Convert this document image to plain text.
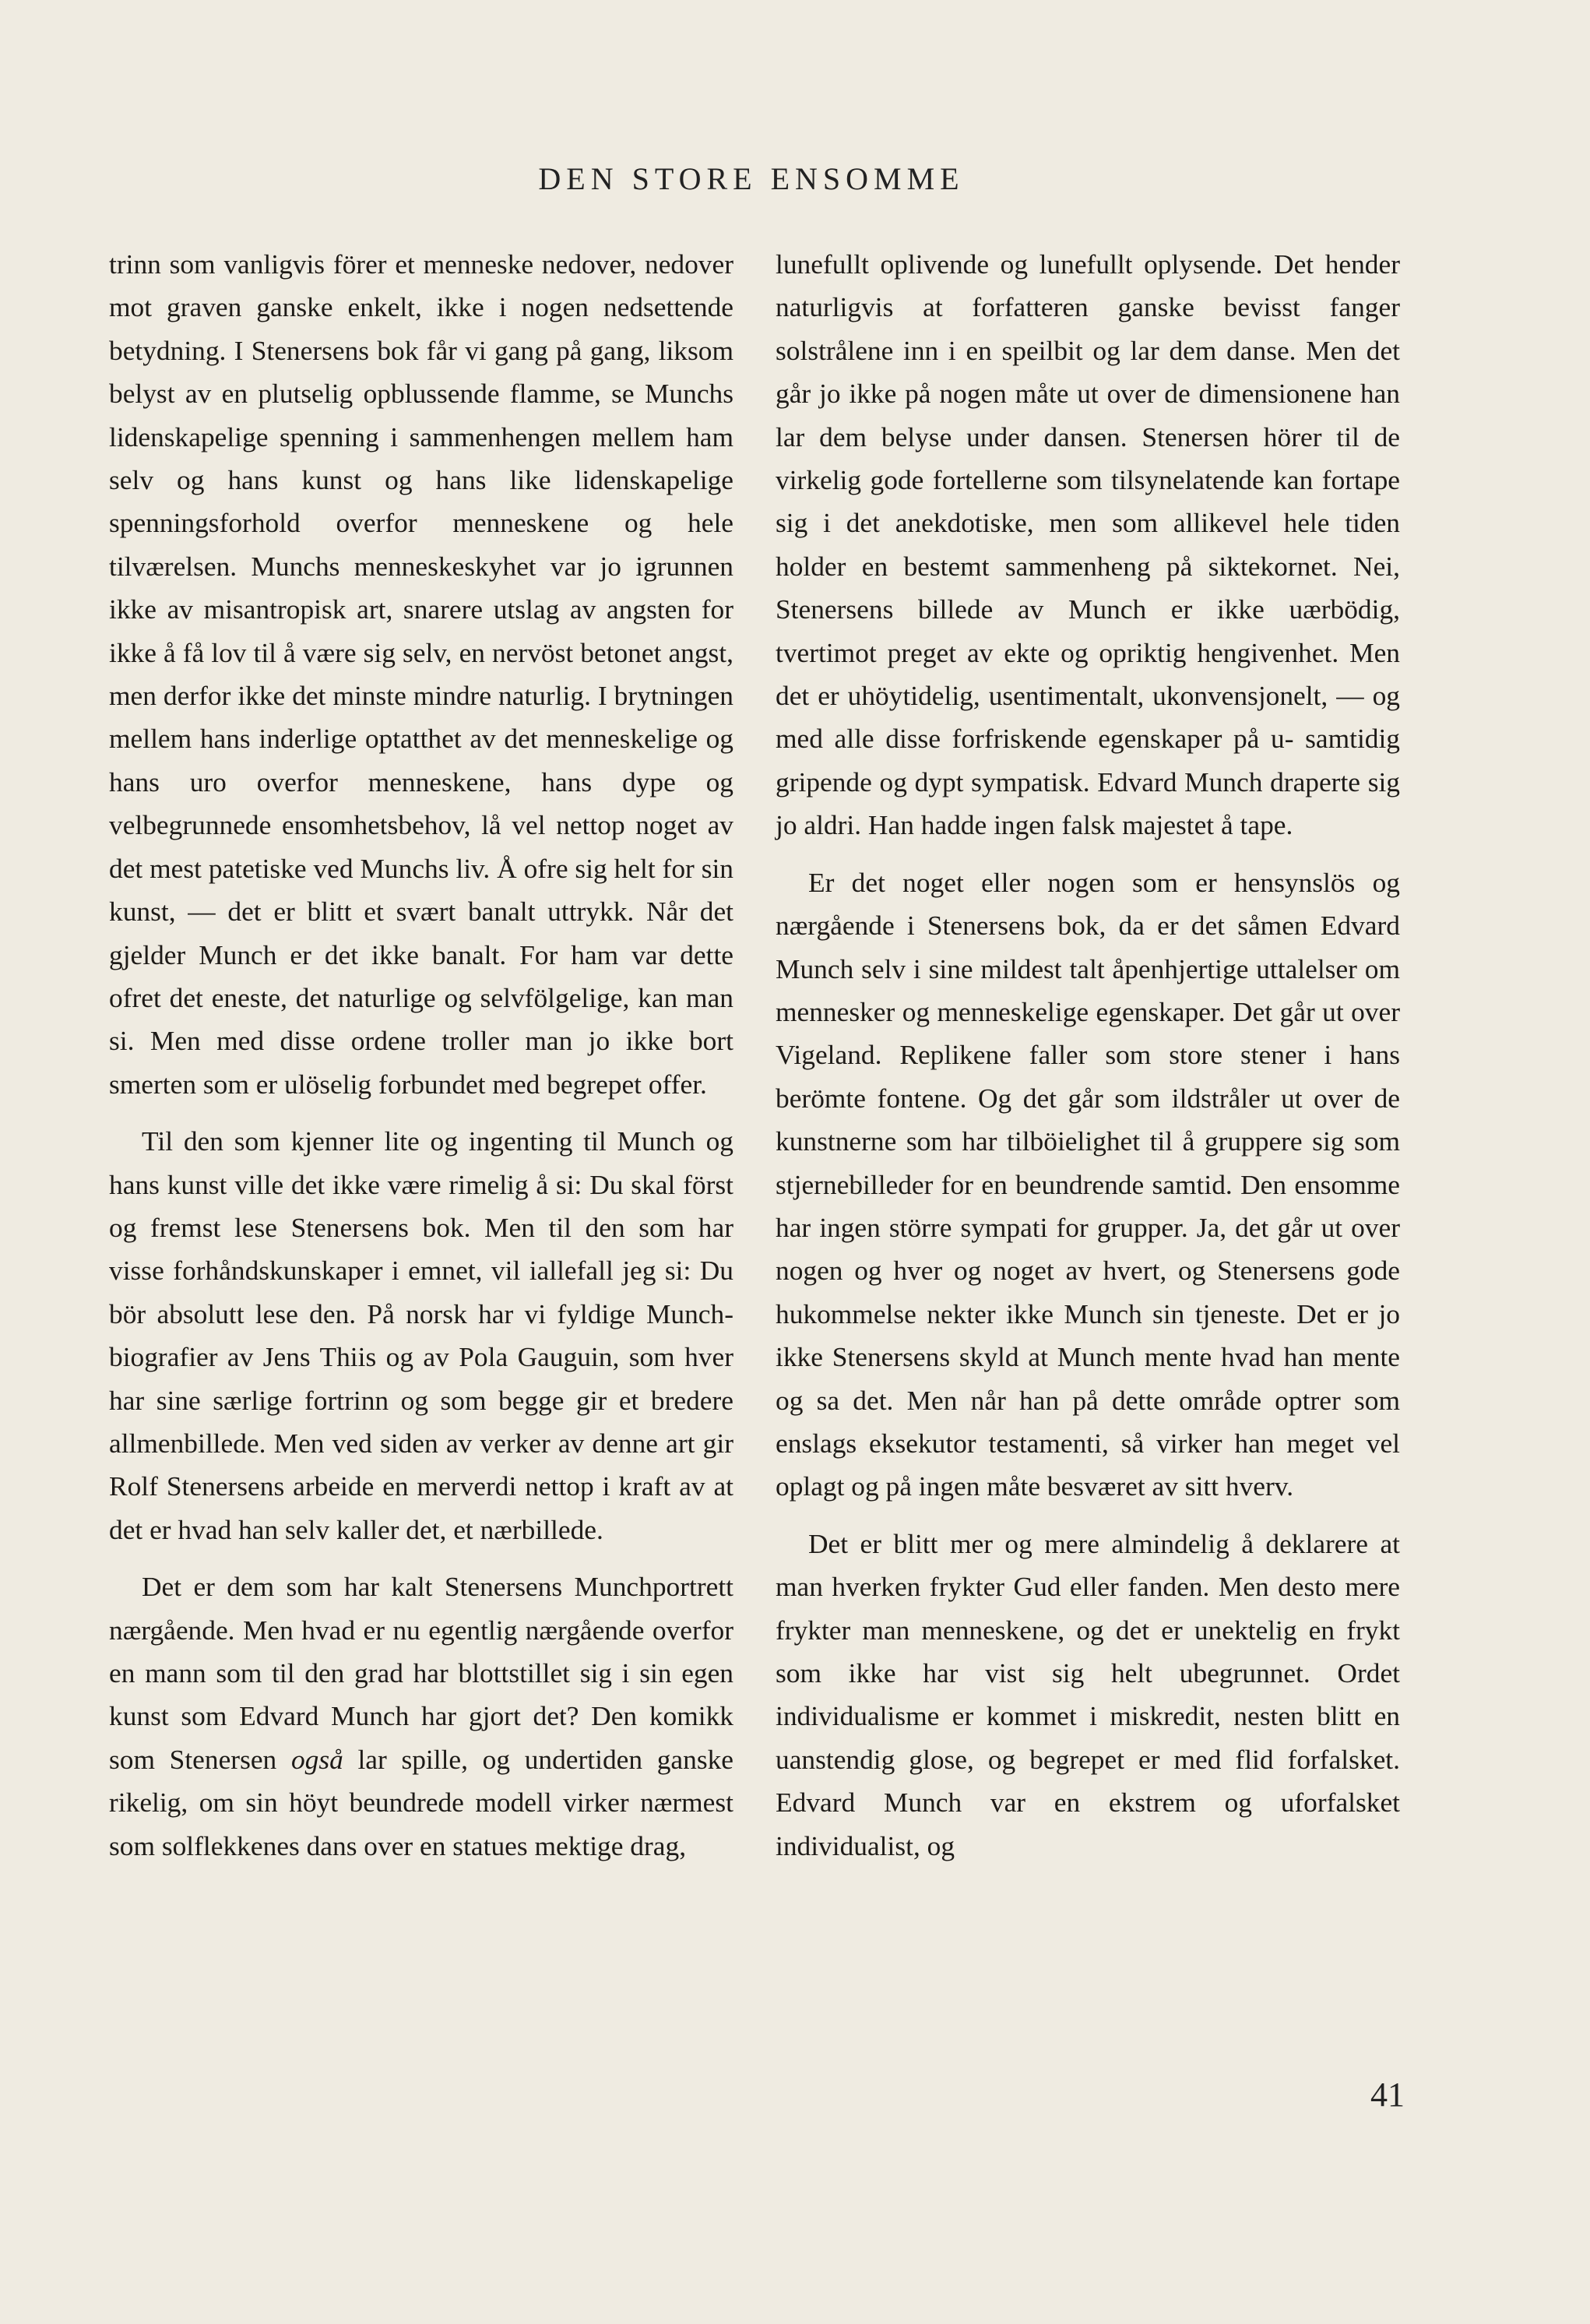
DEN STORE ENSOMME

trinn som vanligvis förer et menneske nedover, nedover mot graven ganske enkelt, ikke i nogen nedsettende betydning. I Stenersens bok får vi gang på gang, liksom belyst av en plutselig opblussende flamme, se Munchs lidenskapelige spenning i sammenhengen mellem ham selv og hans kunst og hans like lidenskapelige spenningsforhold overfor menneskene og hele tilværelsen. Munchs menneskeskyhet var jo igrunnen ikke av misantropisk art, snarere utslag av angsten for ikke å få lov til å være sig selv, en nervöst betonet angst, men derfor ikke det minste mindre naturlig. I brytningen mellem hans inderlige optatthet av det menneskelige og hans uro overfor menneskene, hans dype og velbegrunnede ensomhetsbehov, lå vel nettop noget av det mest patetiske ved Munchs liv. Å ofre sig helt for sin kunst, — det er blitt et svært banalt uttrykk. Når det gjelder Munch er det ikke banalt. For ham var dette ofret det eneste, det naturlige og selvfölgelige, kan man si. Men med disse ordene troller man jo ikke bort smerten som er ulöselig forbundet med begrepet offer.

Til den som kjenner lite og ingenting til Munch og hans kunst ville det ikke være rimelig å si: Du skal först og fremst lese Stenersens bok. Men til den som har visse forhåndskunskaper i emnet, vil iallefall jeg si: Du bör absolutt lese den. På norsk har vi fyldige Munch-biografier av Jens Thiis og av Pola Gauguin, som hver har sine særlige fortrinn og som begge gir et bredere allmenbillede. Men ved siden av verker av denne art gir Rolf Stenersens arbeide en merverdi nettop i kraft av at det er hvad han selv kaller det, et nærbillede.

Det er dem som har kalt Stenersens Munchportrett nærgående. Men hvad er nu egentlig nærgående overfor en mann som til den grad har blottstillet sig i sin egen kunst som Edvard Munch har gjort det? Den komikk som Stenersen også lar spille, og undertiden ganske rikelig, om sin höyt beundrede modell virker nærmest som solflekkenes dans over en statues mektige drag,

lunefullt oplivende og lunefullt oplysende. Det hender naturligvis at forfatteren ganske bevisst fanger solstrålene inn i en speilbit og lar dem danse. Men det går jo ikke på nogen måte ut over de dimensionene han lar dem belyse under dansen. Stenersen hörer til de virkelig gode fortellerne som tilsynelatende kan fortape sig i det anekdotiske, men som allikevel hele tiden holder en bestemt sammenheng på siktekornet. Nei, Stenersens billede av Munch er ikke uærbödig, tvertimot preget av ekte og opriktig hengivenhet. Men det er uhöytidelig, usentimentalt, ukonvensjonelt, — og med alle disse forfriskende egenskaper på u- samtidig gripende og dypt sympatisk. Edvard Munch draperte sig jo aldri. Han hadde ingen falsk majestet å tape.

Er det noget eller nogen som er hensynslös og nærgående i Stenersens bok, da er det såmen Edvard Munch selv i sine mildest talt åpenhjertige uttalelser om mennesker og menneskelige egenskaper. Det går ut over Vigeland. Replikene faller som store stener i hans berömte fontene. Og det går som ildstråler ut over de kunstnerne som har tilböielighet til å gruppere sig som stjernebilleder for en beundrende samtid. Den ensomme har ingen större sympati for grupper. Ja, det går ut over nogen og hver og noget av hvert, og Stenersens gode hukommelse nekter ikke Munch sin tjeneste. Det er jo ikke Stenersens skyld at Munch mente hvad han mente og sa det. Men når han på dette område optrer som enslags eksekutor testamenti, så virker han meget vel oplagt og på ingen måte besværet av sitt hverv.

Det er blitt mer og mere almindelig å deklarere at man hverken frykter Gud eller fanden. Men desto mere frykter man menneskene, og det er unektelig en frykt som ikke har vist sig helt ubegrunnet. Ordet individualisme er kommet i miskredit, nesten blitt en uanstendig glose, og begrepet er med flid forfalsket. Edvard Munch var en ekstrem og uforfalsket individualist, og

41
